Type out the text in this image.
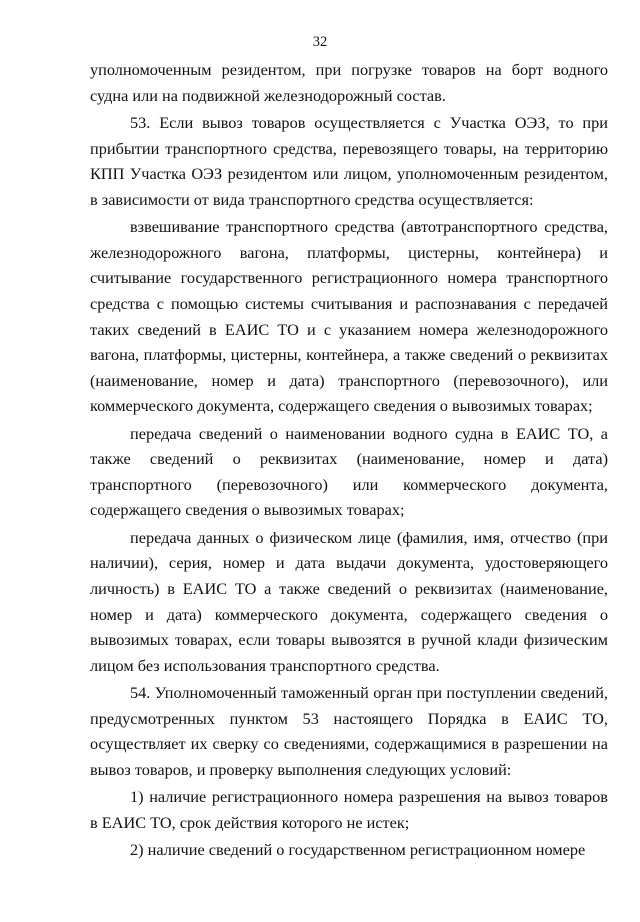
32

уполномоченным резидентом, при погрузке товаров на борт водного судна или на подвижной железнодорожный состав.

53. Если вывоз товаров осуществляется с Участка ОЭЗ, то при прибытии транспортного средства, перевозящего товары, на территорию КПП Участка ОЭЗ резидентом или лицом, уполномоченным резидентом, в зависимости от вида транспортного средства осуществляется:

взвешивание транспортного средства (автотранспортного средства, железнодорожного вагона, платформы, цистерны, контейнера) и считывание государственного регистрационного номера транспортного средства с помощью системы считывания и распознавания с передачей таких сведений в ЕАИС ТО и с указанием номера железнодорожного вагона, платформы, цистерны, контейнера, а также сведений о реквизитах (наименование, номер и дата) транспортного (перевозочного), или коммерческого документа, содержащего сведения о вывозимых товарах;

передача сведений о наименовании водного судна в ЕАИС ТО, а также сведений о реквизитах (наименование, номер и дата) транспортного (перевозочного) или коммерческого документа, содержащего сведения о вывозимых товарах;

передача данных о физическом лице (фамилия, имя, отчество (при наличии), серия, номер и дата выдачи документа, удостоверяющего личность) в ЕАИС ТО а также сведений о реквизитах (наименование, номер и дата) коммерческого документа, содержащего сведения о вывозимых товарах, если товары вывозятся в ручной клади физическим лицом без использования транспортного средства.

54. Уполномоченный таможенный орган при поступлении сведений, предусмотренных пунктом 53 настоящего Порядка в ЕАИС ТО, осуществляет их сверку со сведениями, содержащимися в разрешении на вывоз товаров, и проверку выполнения следующих условий:

1) наличие регистрационного номера разрешения на вывоз товаров в ЕАИС ТО, срок действия которого не истек;

2) наличие сведений о государственном регистрационном номере
